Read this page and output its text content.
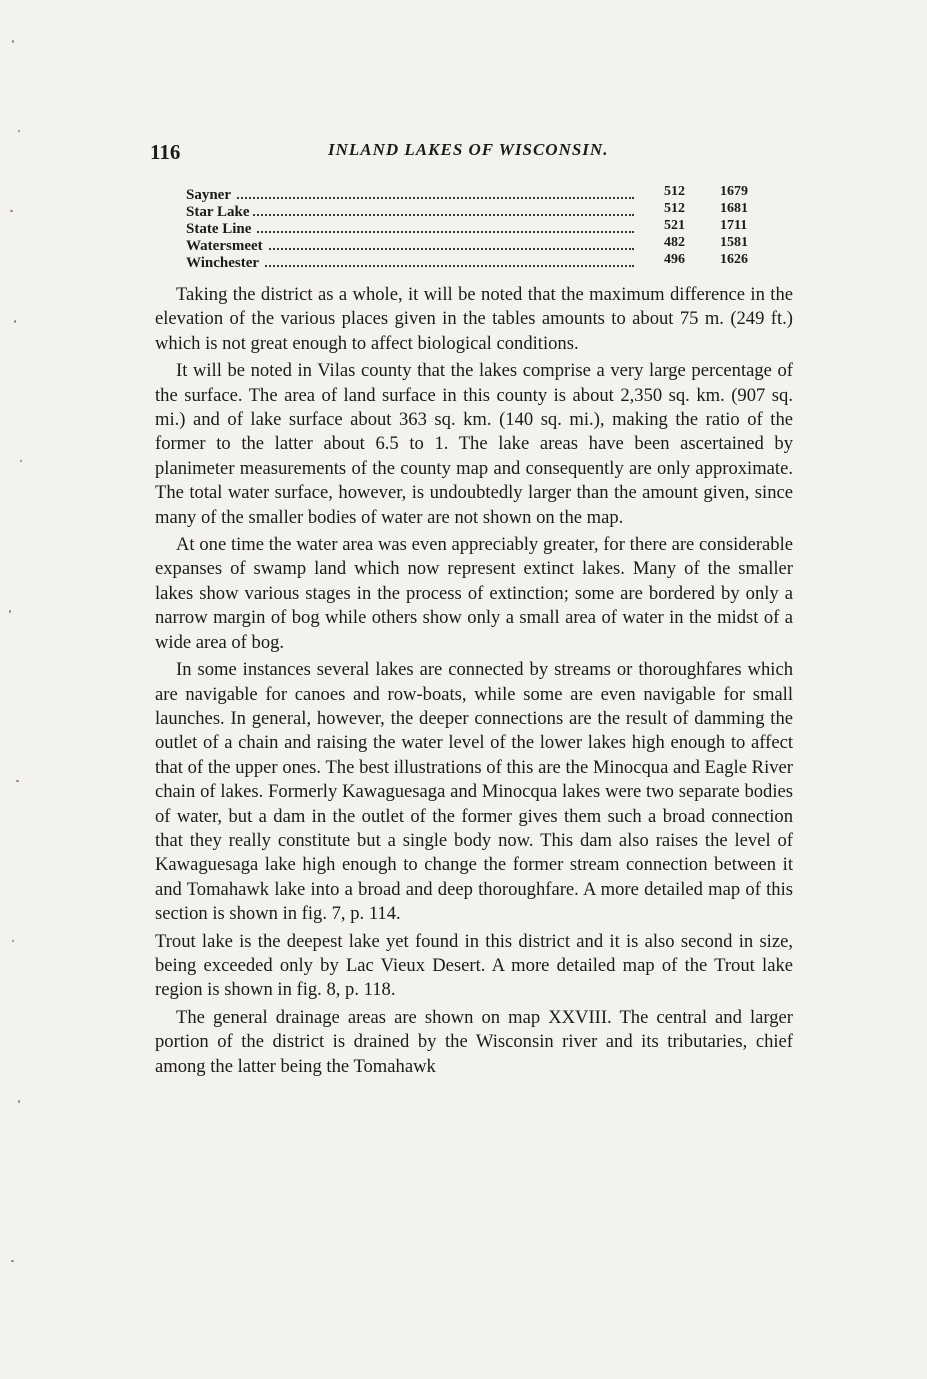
116	INLAND LAKES OF WISCONSIN.
Sayner	512	1679
Star Lake	512	1681
State Line	521	1711
Watersmeet	482	1581
Winchester	496	1626

Taking the district as a whole, it will be noted that the maximum difference in the elevation of the various places given in the tables amounts to about 75 m. (249 ft.) which is not great enough to affect biological conditions.

It will be noted in Vilas county that the lakes comprise a very large percentage of the surface. The area of land surface in this county is about 2,350 sq. km. (907 sq. mi.) and of lake surface about 363 sq. km. (140 sq. mi.), making the ratio of the former to the latter about 6.5 to 1. The lake areas have been ascertained by planimeter measurements of the county map and consequently are only approximate. The total water surface, however, is undoubtedly larger than the amount given, since many of the smaller bodies of water are not shown on the map.

At one time the water area was even appreciably greater, for there are considerable expanses of swamp land which now represent extinct lakes. Many of the smaller lakes show various stages in the process of extinction; some are bordered by only a narrow margin of bog while others show only a small area of water in the midst of a wide area of bog.

In some instances several lakes are connected by streams or thoroughfares which are navigable for canoes and row-boats, while some are even navigable for small launches. In general, however, the deeper connections are the result of damming the outlet of a chain and raising the water level of the lower lakes high enough to affect that of the upper ones. The best illustrations of this are the Minocqua and Eagle River chain of lakes. Formerly Kawaguesaga and Minocqua lakes were two separate bodies of water, but a dam in the outlet of the former gives them such a broad connection that they really constitute but a single body now. This dam also raises the level of Kawaguesaga lake high enough to change the former stream connection between it and Tomahawk lake into a broad and deep thoroughfare. A more detailed map of this section is shown in fig. 7, p. 114.

Trout lake is the deepest lake yet found in this district and it is also second in size, being exceeded only by Lac Vieux Desert. A more detailed map of the Trout lake region is shown in fig. 8, p. 118.

The general drainage areas are shown on map XXVIII. The central and larger portion of the district is drained by the Wisconsin river and its tributaries, chief among the latter being the Tomahawk
